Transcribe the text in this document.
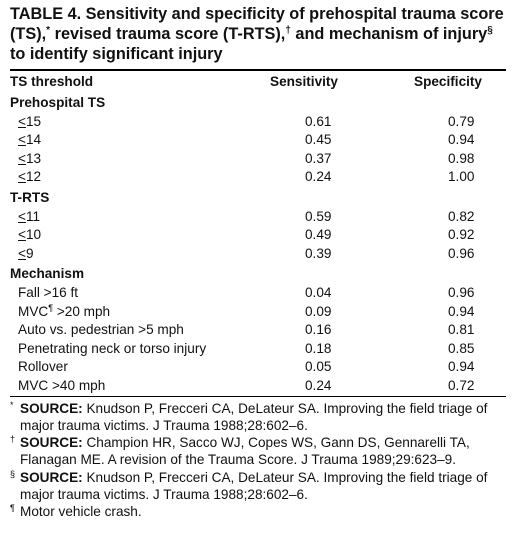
TABLE 4. Sensitivity and specificity of prehospital trauma score (TS),* revised trauma score (T-RTS),† and mechanism of injury§ to identify significant injury

TS threshold	Sensitivity	Specificity
Prehospital TS		
≤15	0.61	0.79
≤14	0.45	0.94
≤13	0.37	0.98
≤12	0.24	1.00
T-RTS		
≤11	0.59	0.82
≤10	0.49	0.92
≤9	0.39	0.96
Mechanism		
Fall >16 ft	0.04	0.96
MVC¶ >20 mph	0.09	0.94
Auto vs. pedestrian >5 mph	0.16	0.81
Penetrating neck or torso injury	0.18	0.85
Rollover	0.05	0.94
MVC >40 mph	0.24	0.72
* SOURCE: Knudson P, Frecceri CA, DeLateur SA. Improving the field triage of major trauma victims. J Trauma 1988;28:602–6.
† SOURCE: Champion HR, Sacco WJ, Copes WS, Gann DS, Gennarelli TA, Flanagan ME. A revision of the Trauma Score. J Trauma 1989;29:623–9.
§ SOURCE: Knudson P, Frecceri CA, DeLateur SA. Improving the field triage of major trauma victims. J Trauma 1988;28:602–6.
¶ Motor vehicle crash.
